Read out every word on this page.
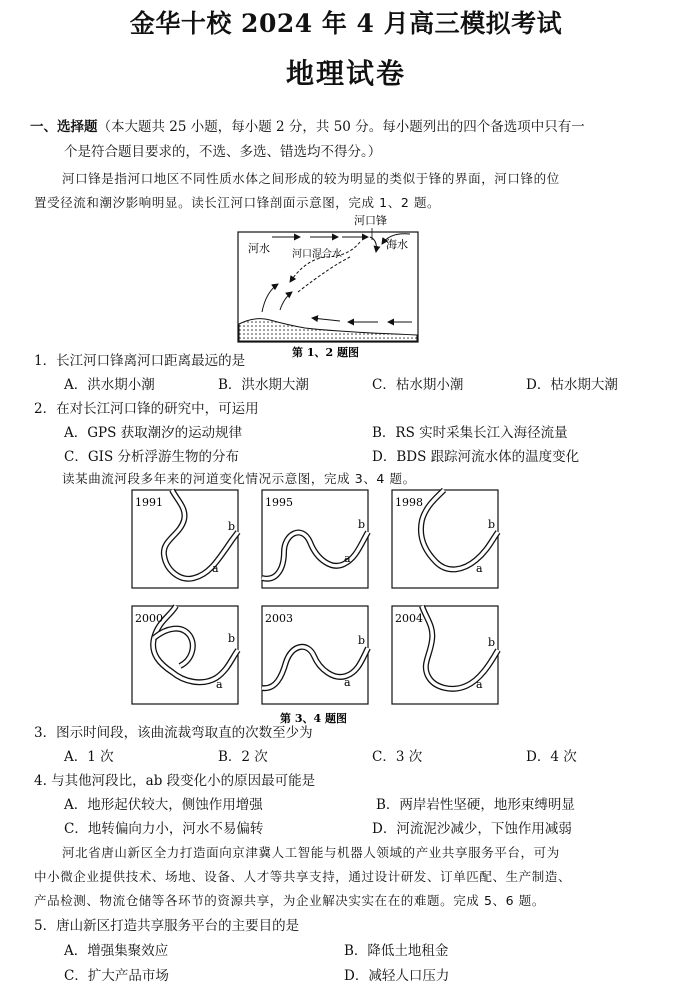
金华十校 2024 年 4 月高三模拟考试
地理试卷
一、选择题（本大题共 25 小题，每小题 2 分，共 50 分。每小题列出的四个备选项中只有一
个是符合题目要求的，不选、多选、错选均不得分。）
河口锋是指河口地区不同性质水体之间形成的较为明显的类似于锋的界面，河口锋的位
置受径流和潮汐影响明显。读长江河口锋剖面示意图，完成 1、2 题。
河口锋
河水 河口混合水
海水
第 1、2 题图
1．长江河口锋离河口距离最远的是
A．洪水期小潮	B．洪水期大潮	C．枯水期小潮	D．枯水期大潮
2．在对长江河口锋的研究中，可运用
A．GPS 获取潮汐的运动规律	B．RS 实时采集长江入海径流量
C．GIS 分析浮游生物的分布	D．BDS 跟踪河流水体的温度变化
读某曲流河段多年来的河道变化情况示意图，完成 3、4 题。
1991
b
a
1995
b
a
1998
b
a
2000
b
a
2003
b
a
2004
b
a
第 3、4 题图
3．图示时间段，该曲流裁弯取直的次数至少为
A．1 次	B．2 次	C．3 次	D．4 次
4. 与其他河段比，ab 段变化小的原因最可能是
A．地形起伏较大，侧蚀作用增强	B．两岸岩性坚硬，地形束缚明显
C．地转偏向力小，河水不易偏转	D．河流泥沙减少，下蚀作用减弱
河北省唐山新区全力打造面向京津冀人工智能与机器人领域的产业共享服务平台，可为
中小微企业提供技术、场地、设备、人才等共享支持，通过设计研发、订单匹配、生产制造、
产品检测、物流仓储等各环节的资源共享，为企业解决实实在在的难题。完成 5、6 题。
5．唐山新区打造共享服务平台的主要目的是
A．增强集聚效应	B．降低土地租金
C．扩大产品市场	D．减轻人口压力
